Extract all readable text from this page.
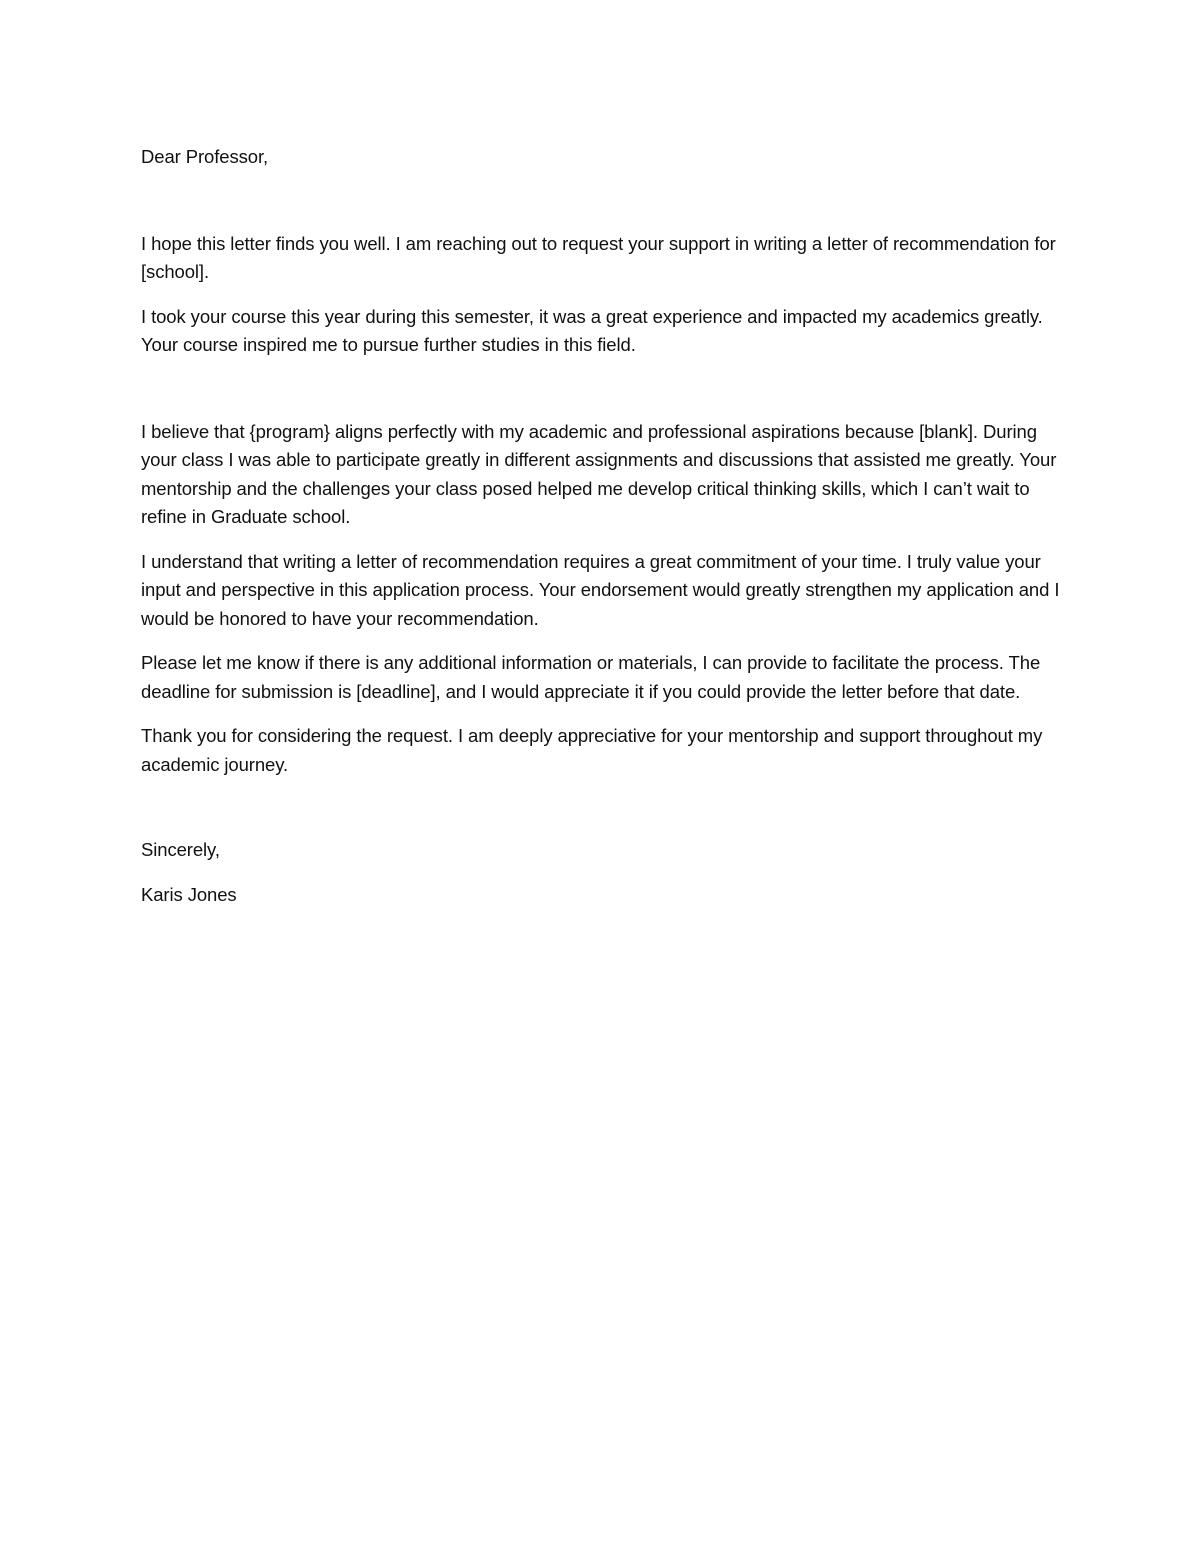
Dear Professor,

I hope this letter finds you well. I am reaching out to request your support in writing a letter of recommendation for [school].

I took your course this year during this semester, it was a great experience and impacted my academics greatly. Your course inspired me to pursue further studies in this field.

I believe that {program} aligns perfectly with my academic and professional aspirations because [blank]. During your class I was able to participate greatly in different assignments and discussions that assisted me greatly. Your mentorship and the challenges your class posed helped me develop critical thinking skills, which I can’t wait to refine in Graduate school.

I understand that writing a letter of recommendation requires a great commitment of your time. I truly value your input and perspective in this application process. Your endorsement would greatly strengthen my application and I would be honored to have your recommendation.

Please let me know if there is any additional information or materials, I can provide to facilitate the process. The deadline for submission is [deadline], and I would appreciate it if you could provide the letter before that date.

Thank you for considering the request. I am deeply appreciative for your mentorship and support throughout my academic journey.

Sincerely,

Karis Jones
